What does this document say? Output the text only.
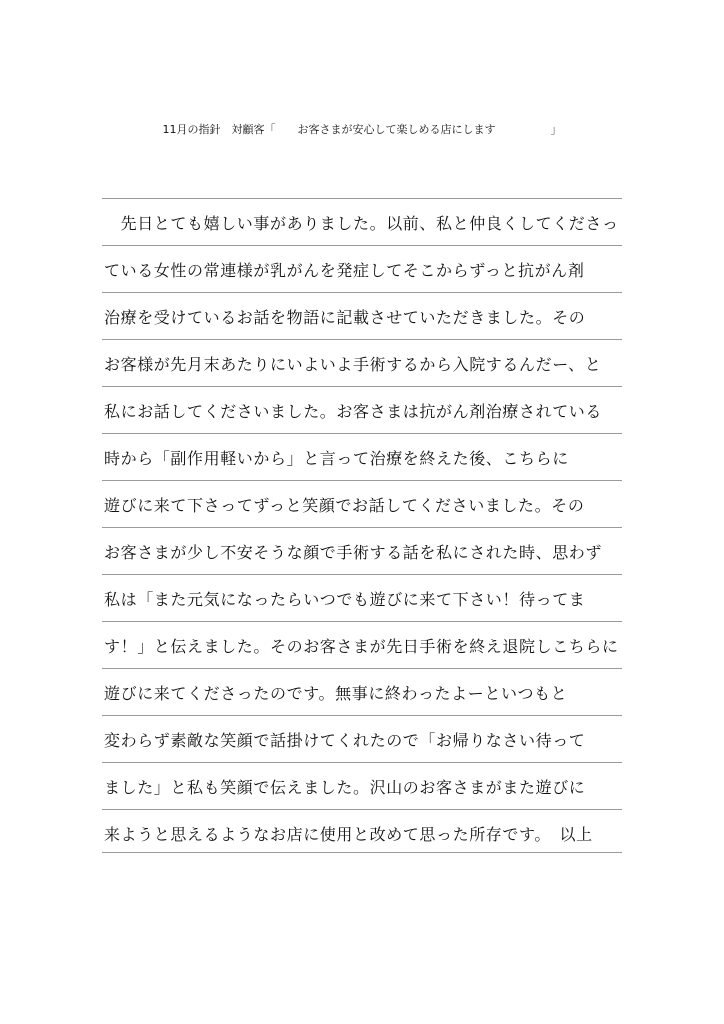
11月の指針　対顧客「　　お客さまが安心して楽しめる店にします　　　　　」
　先日とても嬉しい事がありました。以前、私と仲良くしてくださっ
ている女性の常連様が乳がんを発症してそこからずっと抗がん剤
治療を受けているお話を物語に記載させていただきました。その
お客様が先月末あたりにいよいよ手術するから入院するんだー、と
私にお話してくださいました。お客さまは抗がん剤治療されている
時から「副作用軽いから」と言って治療を終えた後、こちらに
遊びに来て下さってずっと笑顔でお話してくださいました。その
お客さまが少し不安そうな顔で手術する話を私にされた時、思わず
私は「また元気になったらいつでも遊びに来て下さい！待ってま
す！」と伝えました。そのお客さまが先日手術を終え退院しこちらに
遊びに来てくださったのです。無事に終わったよーといつもと
変わらず素敵な笑顔で話掛けてくれたので「お帰りなさい待って
ました」と私も笑顔で伝えました。沢山のお客さまがまた遊びに
来ようと思えるようなお店に使用と改めて思った所存です。　以上
